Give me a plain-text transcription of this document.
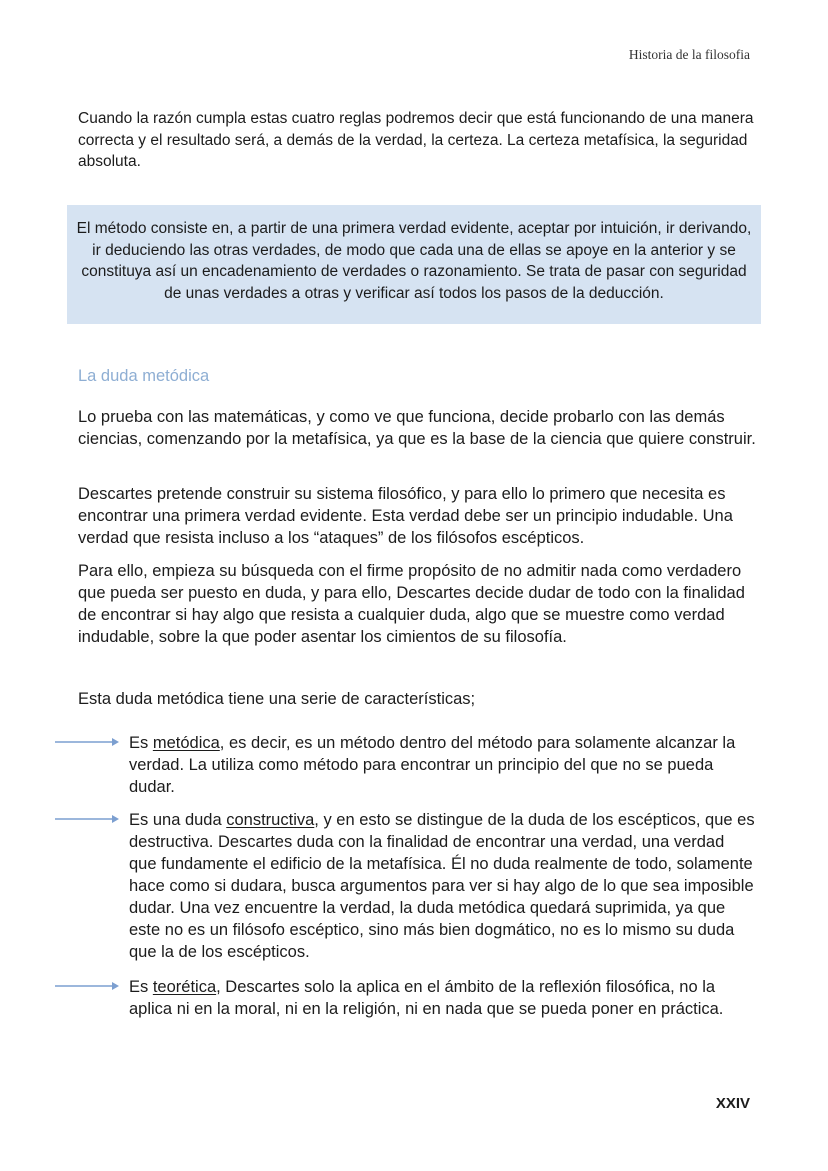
Historia de la filosofia

Cuando la razón cumpla estas cuatro reglas podremos decir que está funcionando de una manera correcta y el resultado será, a demás de la verdad, la certeza. La certeza metafísica, la seguridad absoluta.

El método consiste en, a partir de una primera verdad evidente, aceptar por intuición, ir derivando, ir deduciendo las otras verdades, de modo que cada una de ellas se apoye en la anterior y se constituya así un encadenamiento de verdades o razonamiento. Se trata de pasar con seguridad de unas verdades a otras y verificar así todos los pasos de la deducción.
La duda metódica

Lo prueba con las matemáticas, y como ve que funciona, decide probarlo con las demás ciencias, comenzando por la metafísica, ya que es la base de la ciencia que quiere construir.

Descartes pretende construir su sistema filosófico, y para ello lo primero que necesita es encontrar una primera verdad evidente. Esta verdad debe ser un principio indudable. Una verdad que resista incluso a los “ataques” de los filósofos escépticos.

Para ello, empieza su búsqueda con el firme propósito de no admitir nada como verdadero que pueda ser puesto en duda, y para ello, Descartes decide dudar de todo con la finalidad de encontrar si hay algo que resista a cualquier duda, algo que se muestre como verdad indudable, sobre la que poder asentar los cimientos de su filosofía.

Esta duda metódica tiene una serie de características;

Es metódica, es decir, es un método dentro del método para solamente alcanzar la verdad. La utiliza como método para encontrar un principio del que no se pueda dudar.

Es una duda constructiva, y en esto se distingue de la duda de los escépticos, que es destructiva. Descartes duda con la finalidad de encontrar una verdad, una verdad que fundamente el edificio de la metafísica. Él no duda realmente de todo, solamente hace como si dudara, busca argumentos para ver si hay algo de lo que sea imposible dudar. Una vez encuentre la verdad, la duda metódica quedará suprimida, ya que este no es un filósofo escéptico, sino más bien dogmático, no es lo mismo su duda que la de los escépticos.

Es teorética, Descartes solo la aplica en el ámbito de la reflexión filosófica, no la aplica ni en la moral, ni en la religión, ni en nada que se pueda poner en práctica.

XXIV
